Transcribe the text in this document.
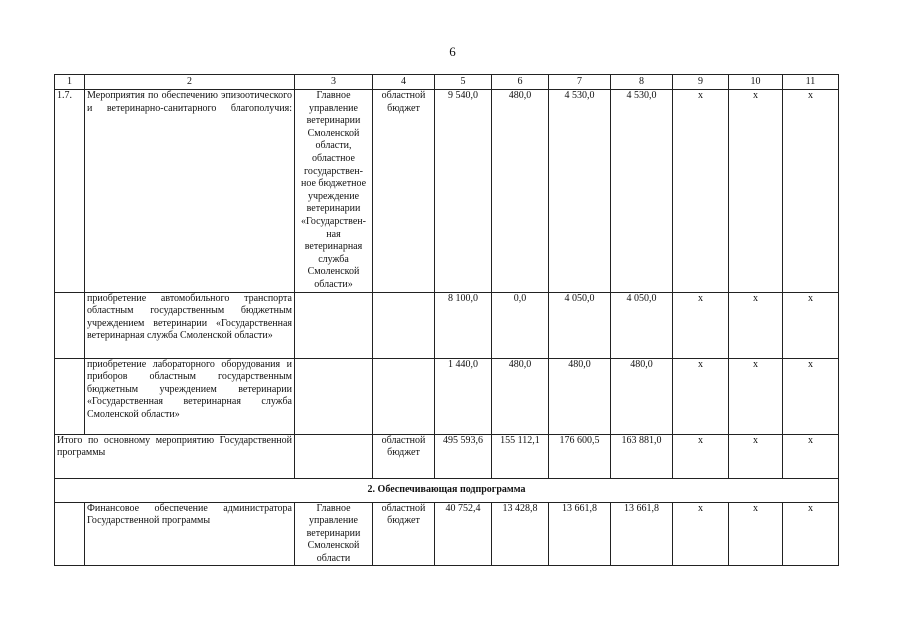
6
1	2	3	4	5	6	7	8	9	10	11
1.7.	Мероприятия по обеспечению эпизоотического и ветеринарно-санитарного благополучия:	Главное управление ветеринарии Смоленской области, областное государствен-ное бюджетное учреждение ветеринарии «Государствен-ная ветеринарная служба Смоленской области»	областной бюджет	9 540,0	480,0	4 530,0	4 530,0	x	x	x
	приобретение автомобильного транспорта областным государственным бюджетным учреждением ветеринарии «Государственная ветеринарная служба Смоленской области»			8 100,0	0,0	4 050,0	4 050,0	x	x	x
	приобретение лабораторного оборудования и приборов областным государственным бюджетным учреждением ветеринарии «Государственная ветеринарная служба Смоленской области»			1 440,0	480,0	480,0	480,0	x	x	x
Итого по основному мероприятию Государственной программы			областной бюджет	495 593,6	155 112,1	176 600,5	163 881,0	x	x	x
2. Обеспечивающая подпрограмма										
	Финансовое обеспечение администратора Государственной программы	Главное управление ветеринарии Смоленской области	областной бюджет	40 752,4	13 428,8	13 661,8	13 661,8	x	x	x
